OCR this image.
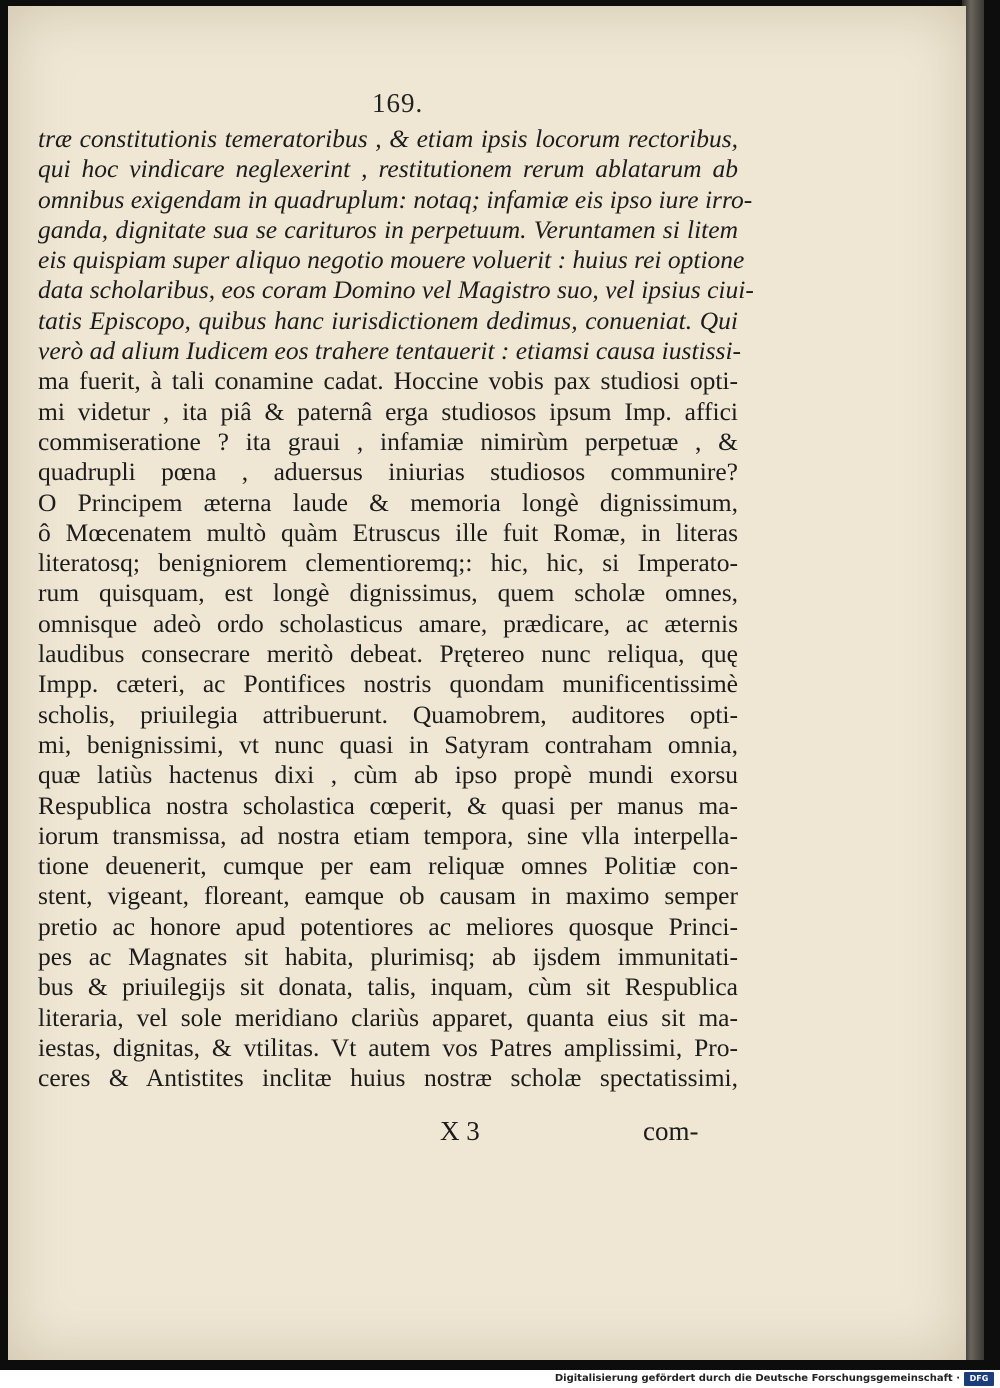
169.
træ constitutionis temeratoribus , & etiam ipsis locorum rectoribus,
qui hoc vindicare neglexerint , restitutionem rerum ablatarum ab
omnibus exigendam in quadruplum: notaq; infamiæ eis ipso iure irro-
ganda, dignitate sua se carituros in perpetuum. Veruntamen si litem
eis quispiam super aliquo negotio mouere voluerit : huius rei optione
data scholaribus, eos coram Domino vel Magistro suo, vel ipsius ciui-
tatis Episcopo, quibus hanc iurisdictionem dedimus, conueniat. Qui
verò ad alium Iudicem eos trahere tentauerit : etiamsi causa iustissi-
ma fuerit, à tali conamine cadat. Hoccine vobis pax studiosi opti-
mi videtur , ita piâ & paternâ erga studiosos ipsum Imp. affici
commiseratione ? ita graui , infamiæ nimirùm perpetuæ , &
quadrupli pœna , aduersus iniurias studiosos communire?
O Principem æterna laude & memoria longè dignissimum,
ô Mœcenatem multò quàm Etruscus ille fuit Romæ, in literas
literatosq; benigniorem clementioremq;: hic, hic, si Imperato-
rum quisquam, est longè dignissimus, quem scholæ omnes,
omnisque adeò ordo scholasticus amare, prædicare, ac æternis
laudibus consecrare meritò debeat. Prętereo nunc reliqua, quę
Impp. cæteri, ac Pontifices nostris quondam munificentissimè
scholis, priuilegia attribuerunt. Quamobrem, auditores opti-
mi, benignissimi, vt nunc quasi in Satyram contraham omnia,
quæ latiùs hactenus dixi , cùm ab ipso propè mundi exorsu
Respublica nostra scholastica cœperit, & quasi per manus ma-
iorum transmissa, ad nostra etiam tempora, sine vlla interpella-
tione deuenerit, cumque per eam reliquæ omnes Politiæ con-
stent, vigeant, floreant, eamque ob causam in maximo semper
pretio ac honore apud potentiores ac meliores quosque Princi-
pes ac Magnates sit habita, plurimisq; ab ijsdem immunitati-
bus & priuilegijs sit donata, talis, inquam, cùm sit Respublica
literaria, vel sole meridiano clariùs apparet, quanta eius sit ma-
iestas, dignitas, & vtilitas. Vt autem vos Patres amplissimi, Pro-
ceres & Antistites inclitæ huius nostræ scholæ spectatissimi,
X 3	com-
Digitalisierung gefördert durch die Deutsche Forschungsgemeinschaft ·	DFG
